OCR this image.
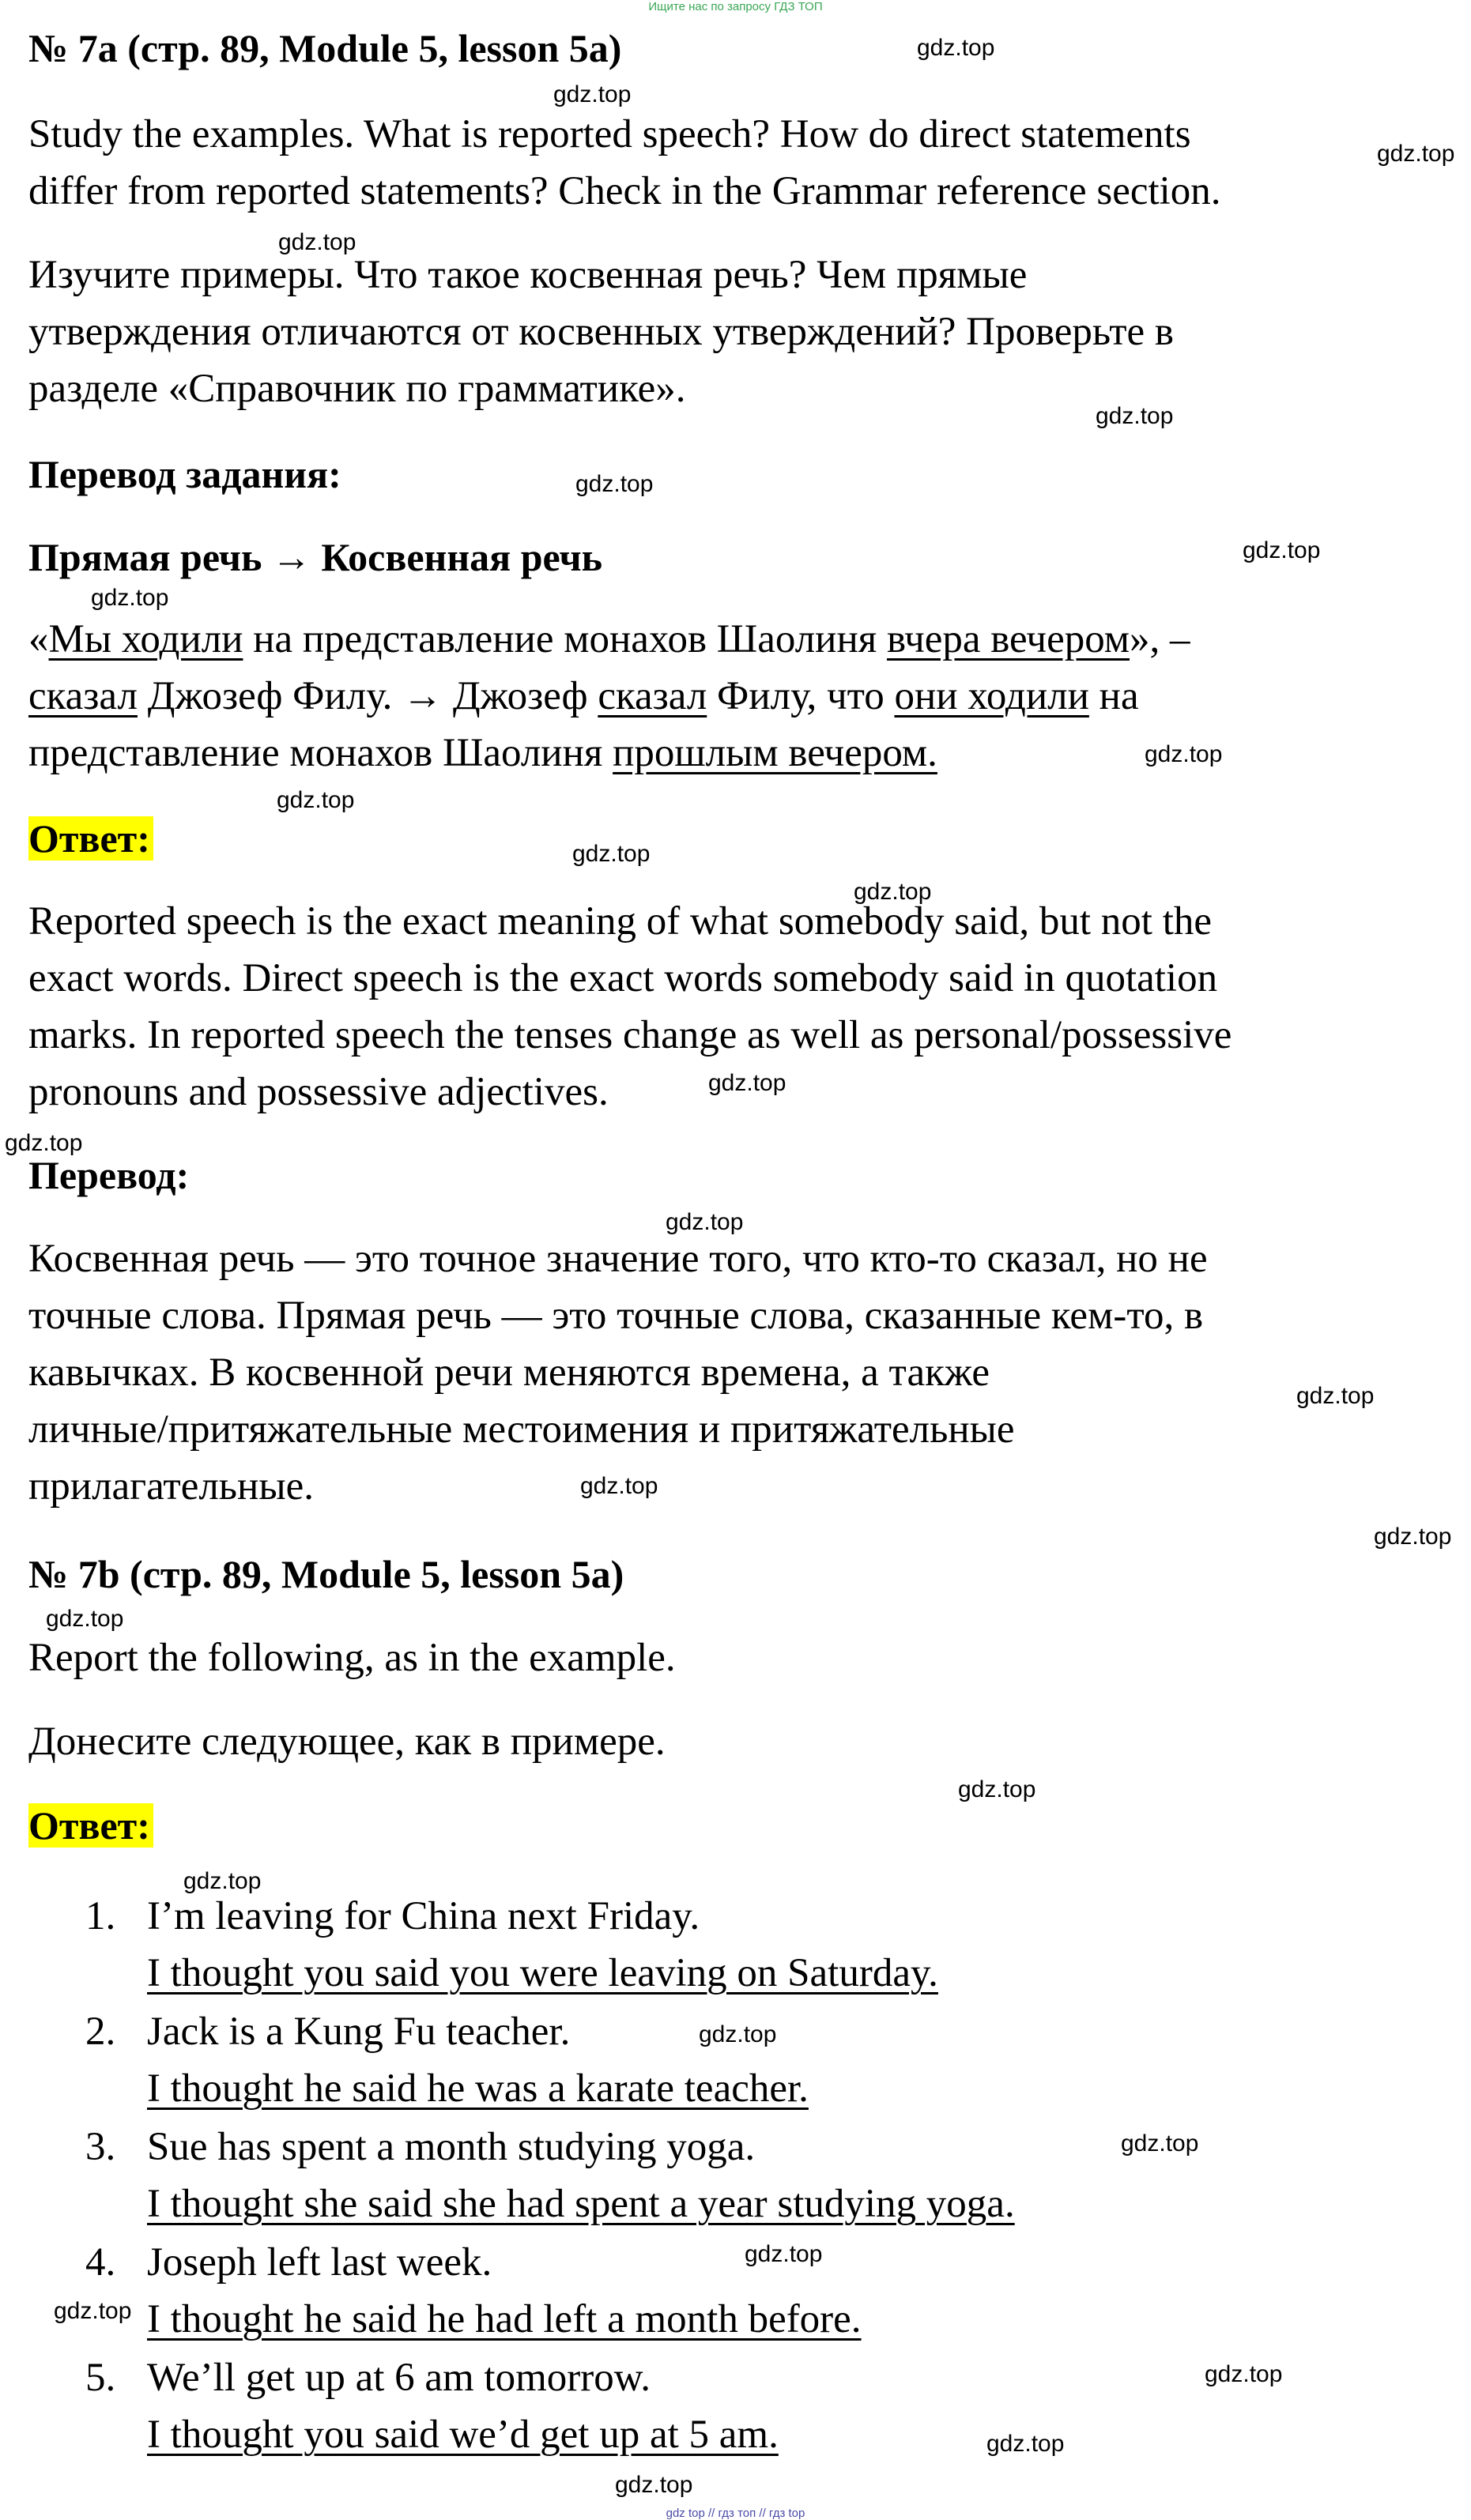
Ищите нас по запросу ГДЗ ТОП
№ 7a (стр. 89, Module 5, lesson 5a)
Study the examples. What is reported speech? How do direct statements
differ from reported statements? Check in the Grammar reference section.
Изучите примеры. Что такое косвенная речь? Чем прямые
утверждения отличаются от косвенных утверждений? Проверьте в
разделе «Справочник по грамматике».
Перевод задания:
Прямая речь → Косвенная речь
«Мы ходили на представление монахов Шаолиня вчера вечером», –
сказал Джозеф Филу. → Джозеф сказал Филу, что они ходили на
представление монахов Шаолиня прошлым вечером.
Ответ:
Reported speech is the exact meaning of what somebody said, but not the
exact words. Direct speech is the exact words somebody said in quotation
marks. In reported speech the tenses change as well as personal/possessive
pronouns and possessive adjectives.
Перевод:
Косвенная речь — это точное значение того, что кто-то сказал, но не
точные слова. Прямая речь — это точные слова, сказанные кем-то, в
кавычках. В косвенной речи меняются времена, а также
личные/притяжательные местоимения и притяжательные
прилагательные.
№ 7b (стр. 89, Module 5, lesson 5a)
Report the following, as in the example.
Донесите следующее, как в примере.
Ответ:
1. I’m leaving for China next Friday.
I thought you said you were leaving on Saturday.
2. Jack is a Kung Fu teacher.
I thought he said he was a karate teacher.
3. Sue has spent a month studying yoga.
I thought she said she had spent a year studying yoga.
4. Joseph left last week.
I thought he said he had left a month before.
5. We’ll get up at 6 am tomorrow.
I thought you said we’d get up at 5 am.
gdz.top
gdz.top
gdz.top
gdz.top
gdz.top
gdz.top
gdz.top
gdz.top
gdz.top
gdz.top
gdz.top
gdz.top
gdz.top
gdz.top
gdz.top
gdz.top
gdz.top
gdz.top
gdz.top
gdz.top
gdz.top
gdz.top
gdz.top
gdz.top
gdz.top
gdz.top
gdz.top
gdz.top
gdz top // гдз топ // гдз top
